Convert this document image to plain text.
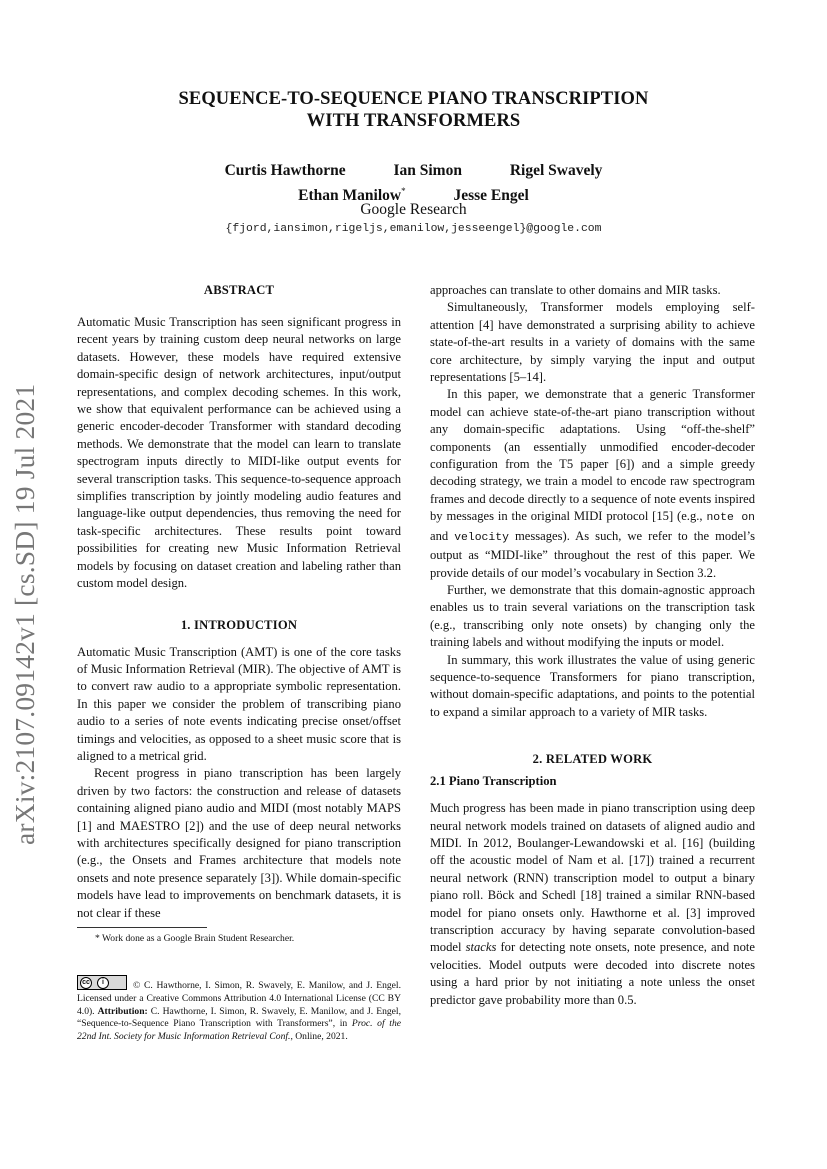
arXiv:2107.09142v1 [cs.SD] 19 Jul 2021
SEQUENCE-TO-SEQUENCE PIANO TRANSCRIPTION
WITH TRANSFORMERS
Curtis Hawthorne	Ian Simon	Rigel Swavely
Ethan Manilow*	Jesse Engel
Google Research
{fjord,iansimon,rigeljs,emanilow,jesseengel}@google.com
ABSTRACT

Automatic Music Transcription has seen significant progress in recent years by training custom deep neural networks on large datasets. However, these models have required extensive domain-specific design of network architectures, input/output representations, and complex decoding schemes. In this work, we show that equivalent performance can be achieved using a generic encoder-decoder Transformer with standard decoding methods. We demonstrate that the model can learn to translate spectrogram inputs directly to MIDI-like output events for several transcription tasks. This sequence-to-sequence approach simplifies transcription by jointly modeling audio features and language-like output dependencies, thus removing the need for task-specific architectures. These results point toward possibilities for creating new Music Information Retrieval models by focusing on dataset creation and labeling rather than custom model design.

1. INTRODUCTION

Automatic Music Transcription (AMT) is one of the core tasks of Music Information Retrieval (MIR). The objective of AMT is to convert raw audio to a appropriate symbolic representation. In this paper we consider the problem of transcribing piano audio to a series of note events indicating precise onset/offset timings and velocities, as opposed to a sheet music score that is aligned to a metrical grid.

Recent progress in piano transcription has been largely driven by two factors: the construction and release of datasets containing aligned piano audio and MIDI (most notably MAPS [1] and MAESTRO [2]) and the use of deep neural networks with architectures specifically designed for piano transcription (e.g., the Onsets and Frames architecture that models note onsets and note presence separately [3]). While domain-specific models have lead to improvements on benchmark datasets, it is not clear if these

* Work done as a Google Brain Student Researcher.
cc	i	© C. Hawthorne, I. Simon, R. Swavely, E. Manilow, and J. Engel. Licensed under a Creative Commons Attribution 4.0 International License (CC BY 4.0). Attribution: C. Hawthorne, I. Simon, R. Swavely, E. Manilow, and J. Engel, “Sequence-to-Sequence Piano Transcription with Transformers”, in Proc. of the 22nd Int. Society for Music Information Retrieval Conf., Online, 2021.

approaches can translate to other domains and MIR tasks.

Simultaneously, Transformer models employing self-attention [4] have demonstrated a surprising ability to achieve state-of-the-art results in a variety of domains with the same core architecture, by simply varying the input and output representations [5–14].

In this paper, we demonstrate that a generic Transformer model can achieve state-of-the-art piano transcription without any domain-specific adaptations. Using “off-the-shelf” components (an essentially unmodified encoder-decoder configuration from the T5 paper [6]) and a simple greedy decoding strategy, we train a model to encode raw spectrogram frames and decode directly to a sequence of note events inspired by messages in the original MIDI protocol [15] (e.g., note on and velocity messages). As such, we refer to the model’s output as “MIDI-like” throughout the rest of this paper. We provide details of our model’s vocabulary in Section 3.2.

Further, we demonstrate that this domain-agnostic approach enables us to train several variations on the transcription task (e.g., transcribing only note onsets) by changing only the training labels and without modifying the inputs or model.

In summary, this work illustrates the value of using generic sequence-to-sequence Transformers for piano transcription, without domain-specific adaptations, and points to the potential to expand a similar approach to a variety of MIR tasks.

2. RELATED WORK
2.1 Piano Transcription

Much progress has been made in piano transcription using deep neural network models trained on datasets of aligned audio and MIDI. In 2012, Boulanger-Lewandowski et al. [16] (building off the acoustic model of Nam et al. [17]) trained a recurrent neural network (RNN) transcription model to output a binary piano roll. Böck and Schedl [18] trained a similar RNN-based model for piano onsets only. Hawthorne et al. [3] improved transcription accuracy by having separate convolution-based model stacks for detecting note onsets, note presence, and note velocities. Model outputs were decoded into discrete notes using a hard prior by not initiating a note unless the onset predictor gave probability more than 0.5.
